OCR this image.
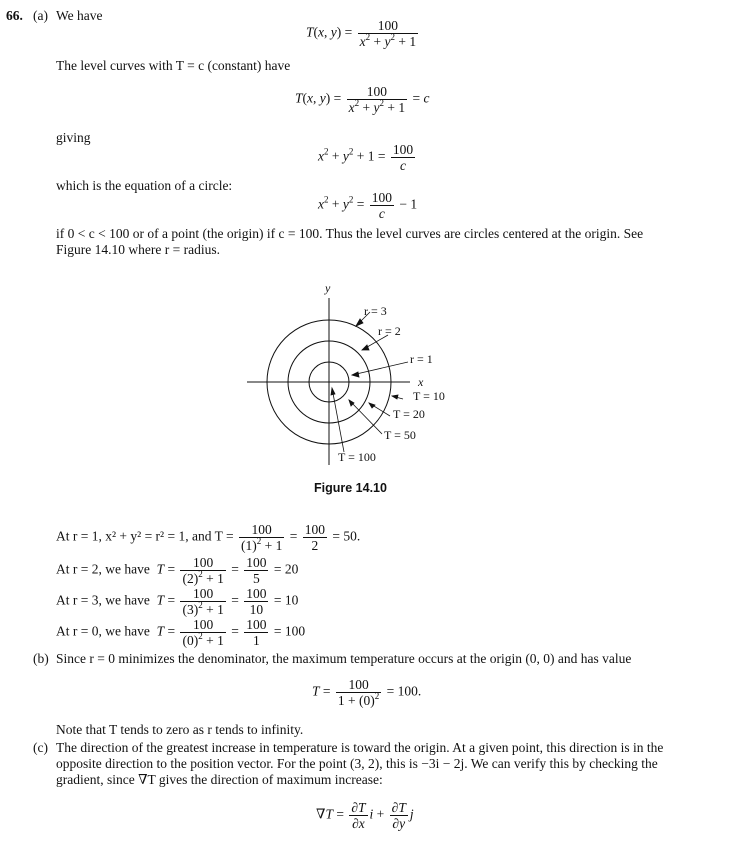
66. (a) We have
T(x, $y) = \frac{100}{x^2 + y^2 + 1}$
The level curves with T = c (constant) have
T(x, $y) = \frac{100}{x^2 + y^2 + 1} = c$
giving
$x^2 + y^2 + 1 = \frac{100}{c}$
which is the equation of a circle:
$x^2 + y^2 = \frac{100}{c} - 1$
if 0 < c < 100 or of a point (the origin) if c = 100. Thus the level curves are circles centered at the origin. See
Figure 14.10 where r = radius.
y
x
r = 3
r = 2
r = 1
T = 10
T = 20
T = 50
T = 100
Figure 14.10
At r = 1, x² + y² = r² = 1, and $T = \frac{100}{(1)^2 + 1} = \frac{100}{2} = 50$.
At r = 2, we have $T = \frac{100}{(2)^2 + 1} = \frac{100}{5} = 20$
At r = 3, we have $T = \frac{100}{(3)^2 + 1} = \frac{100}{10} = 10$
At r = 0, we have $T = \frac{100}{(0)^2 + 1} = \frac{100}{1} = 100$
(b) Since r = 0 minimizes the denominator, the maximum temperature occurs at the origin (0, 0) and has value
$T = \frac{100}{1 + (0)^2} = 100$.
Note that T tends to zero as r tends to infinity.
(c) The direction of the greatest increase in temperature is toward the origin. At a given point, this direction is in the
opposite direction to the position vector. For the point (3, 2), this is −3i − 2j. We can verify this by checking the
gradient, since ∇T gives the direction of maximum increase:
$\nabla T = \frac{\partial T}{\partial x}$ $i + \frac{\partial T}{\partial y}$ j
